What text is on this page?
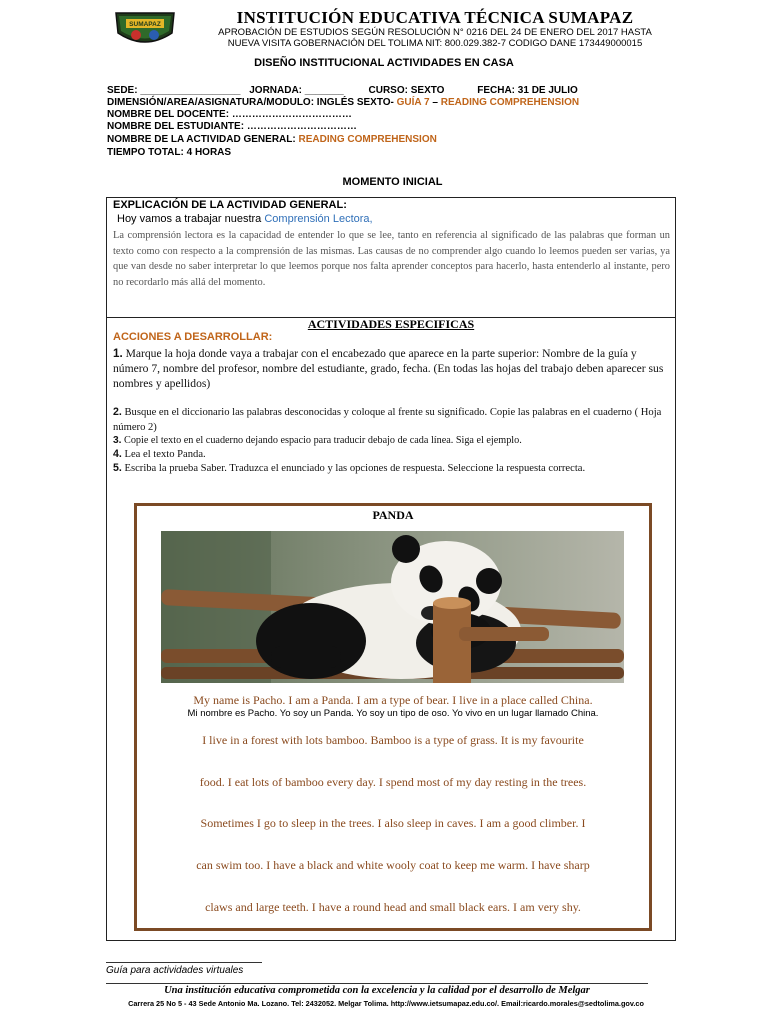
SUMAPAZ	INSTITUCIÓN EDUCATIVA TÉCNICA SUMAPAZ
APROBACIÓN DE ESTUDIOS SEGÚN RESOLUCIÓN N° 0216 DEL 24 DE ENERO DEL 2017 HASTA
NUEVA VISITA GOBERNACIÓN DEL TOLIMA NIT: 800.029.382-7 CODIGO DANE 173449000015
DISEÑO INSTITUCIONAL ACTIVIDADES EN CASA
SEDE: __________________ JORNADA: _______ CURSO: SEXTO	FECHA: 31 DE JULIO
DIMENSIÓN/AREA/ASIGNATURA/MODULO: INGLÉS SEXTO- GUÍA 7 – READING COMPREHENSION
NOMBRE DEL DOCENTE: ………………………………
NOMBRE DEL ESTUDIANTE: ……………………………
NOMBRE DE LA ACTIVIDAD GENERAL: READING COMPREHENSION
TIEMPO TOTAL: 4 HORAS
MOMENTO INICIAL
EXPLICACIÓN DE LA ACTIVIDAD GENERAL:
Hoy vamos a trabajar nuestra Comprensión Lectora,
La comprensión lectora es la capacidad de entender lo que se lee, tanto en referencia al significado de las palabras que forman un texto como con respecto a la comprensión de las mismas. Las causas de no comprender algo cuando lo leemos pueden ser varias, ya que van desde no saber interpretar lo que leemos porque nos falta aprender conceptos para hacerlo, hasta entenderlo al instante, pero no recordarlo más allá del momento.
ACTIVIDADES ESPECIFICAS
ACCIONES A DESARROLLAR:
1. Marque la hoja donde vaya a trabajar con el encabezado que aparece en la parte superior: Nombre de la guía y número 7, nombre del profesor, nombre del estudiante, grado, fecha. (En todas las hojas del trabajo deben aparecer sus nombres y apellidos)
2. Busque en el diccionario las palabras desconocidas y coloque al frente su significado. Copie las palabras en el cuaderno ( Hoja número 2)
3. Copie el texto en el cuaderno dejando espacio para traducir debajo de cada línea. Siga el ejemplo.
4. Lea el texto Panda.
5. Escriba la prueba Saber. Traduzca el enunciado y las opciones de respuesta. Seleccione la respuesta correcta.
PANDA
My name is Pacho. I am a Panda. I am a type of bear. I live in a place called China.
Mi nombre es Pacho. Yo soy un Panda. Yo soy un tipo de oso. Yo vivo en un lugar llamado China.
I live in a forest with lots bamboo. Bamboo is a type of grass. It is my favourite
food. I eat lots of bamboo every day. I spend most of my day resting in the trees.
Sometimes I go to sleep in the trees. I also sleep in caves. I am a good climber. I
can swim too. I have a black and white wooly coat to keep me warm. I have sharp
claws and large teeth. I have a round head and small black ears. I am very shy.
Guía para actividades virtuales
Una institución educativa comprometida con la excelencia y la calidad por el desarrollo de Melgar
Carrera 25 No 5 - 43 Sede Antonio Ma. Lozano. Tel: 2432052. Melgar Tolima. http://www.ietsumapaz.edu.co/. Email:ricardo.morales@sedtolima.gov.co
